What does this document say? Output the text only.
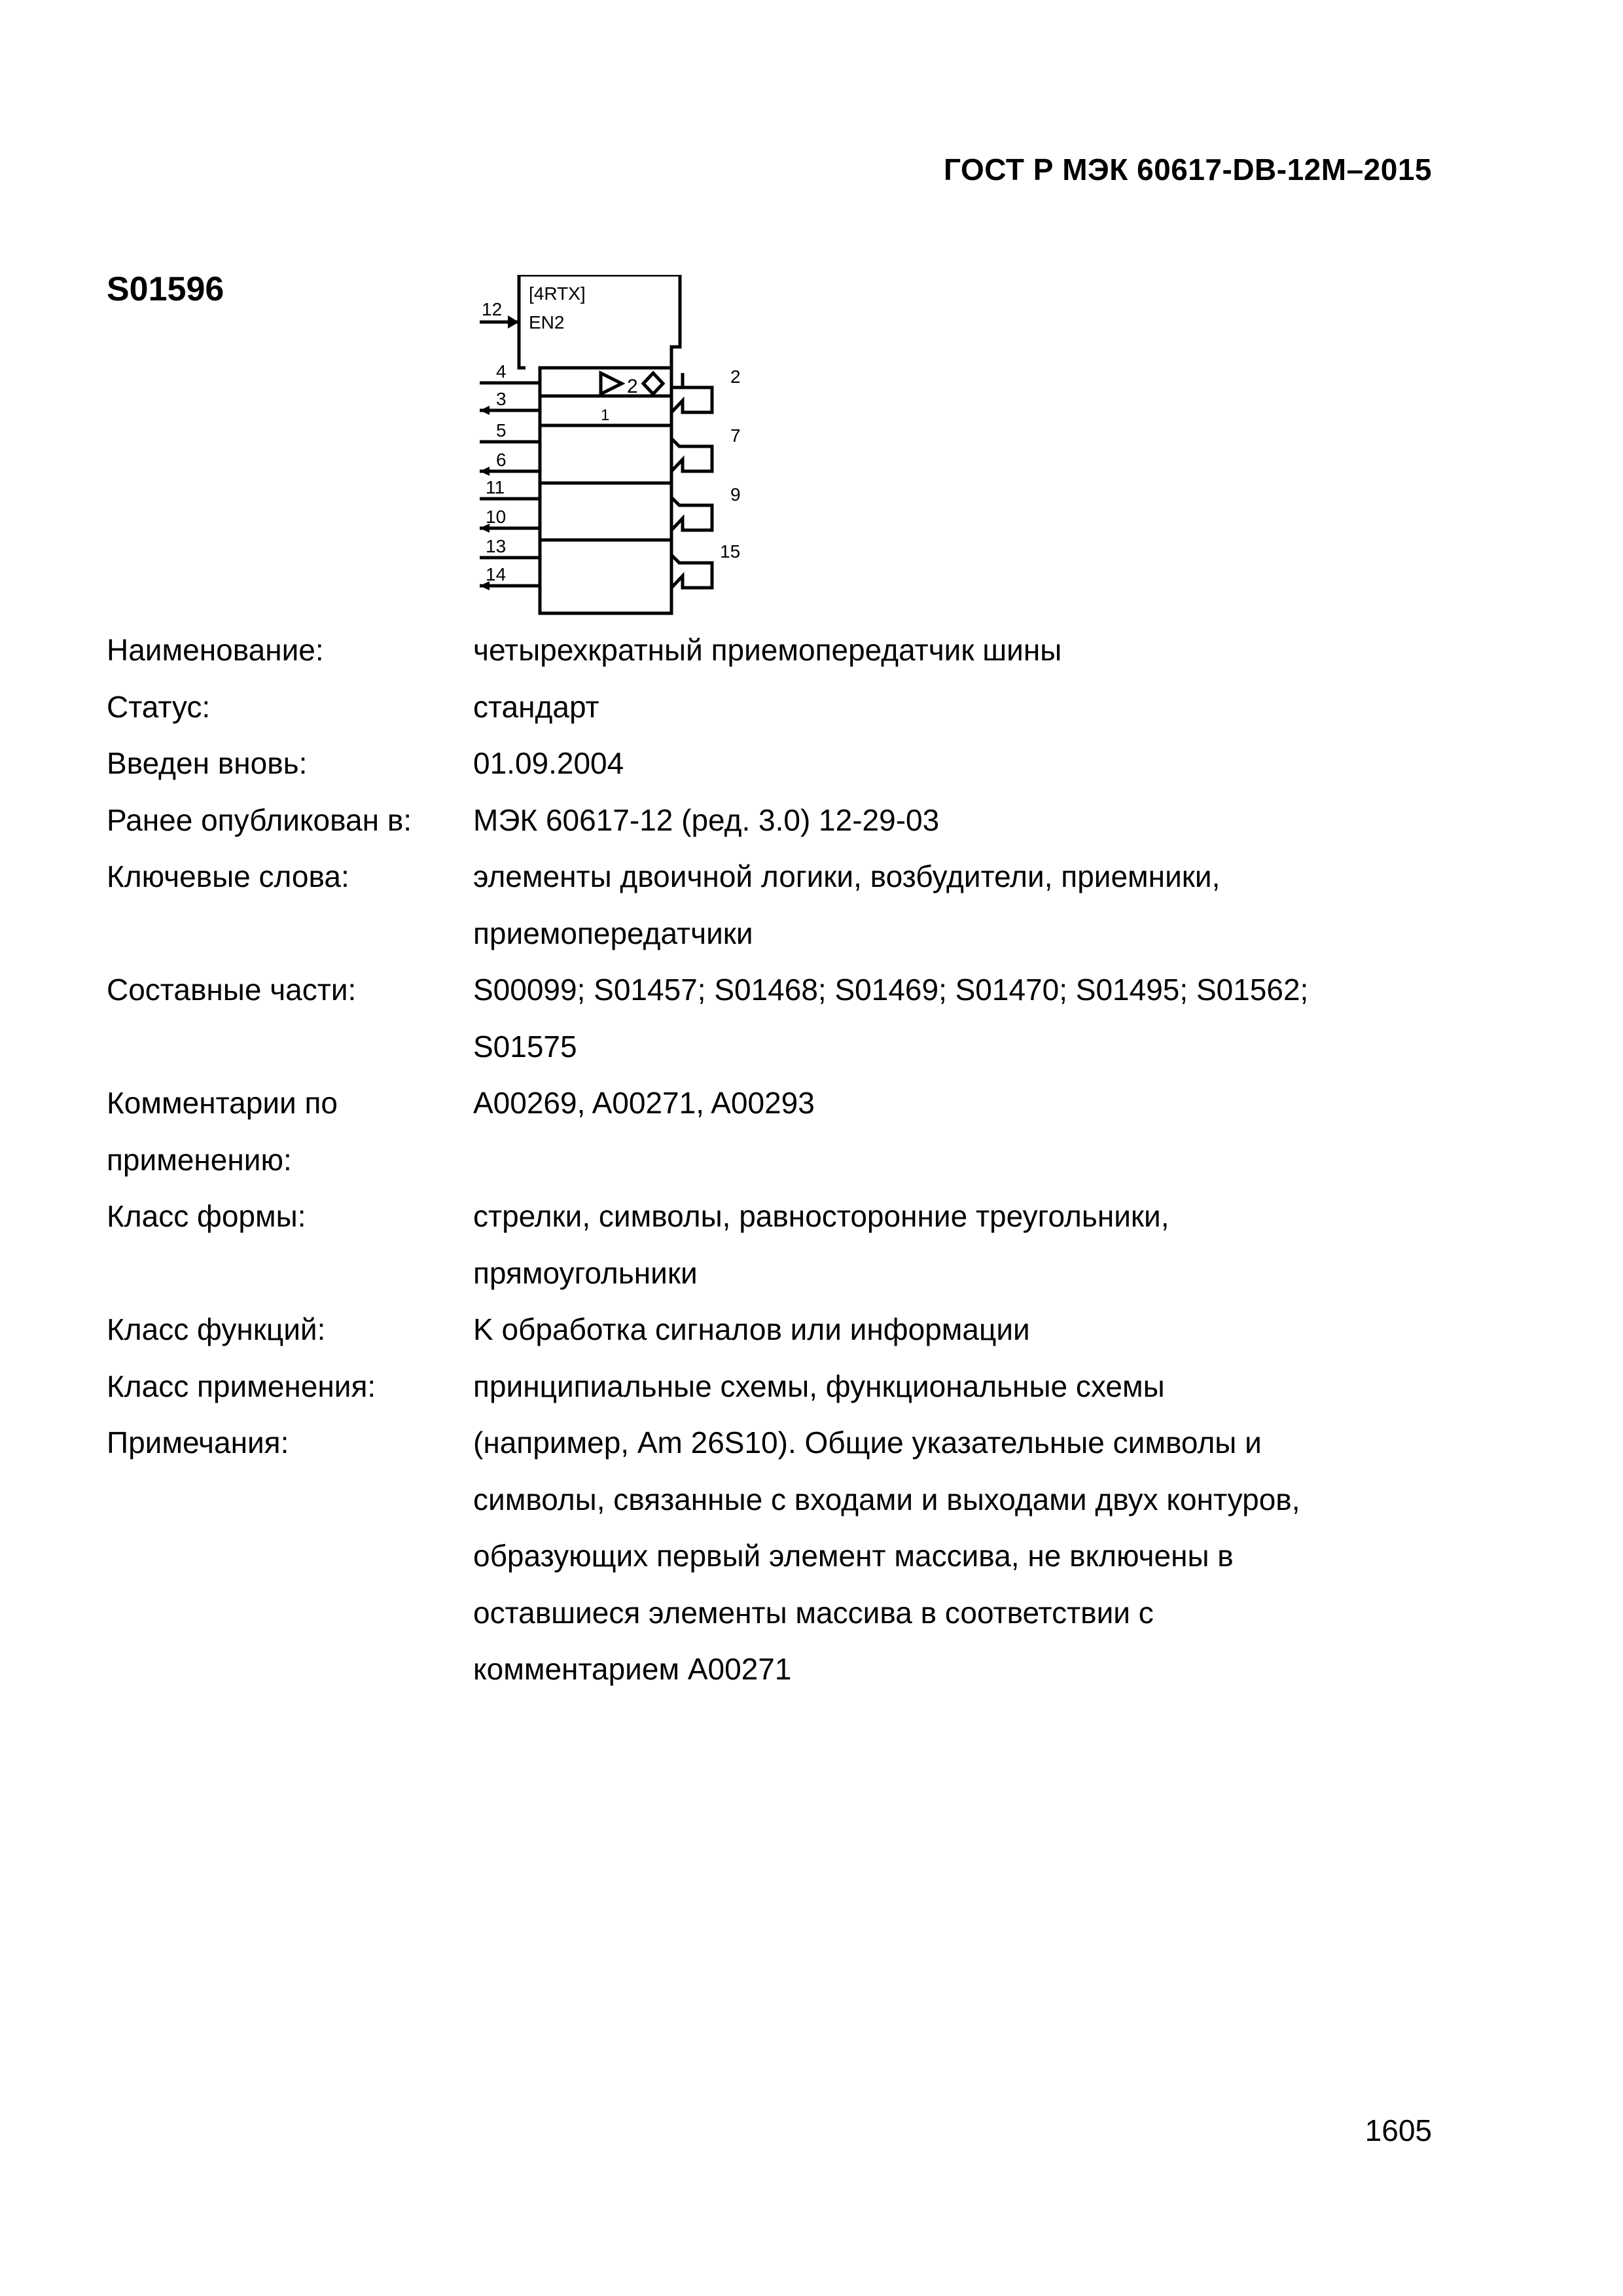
ГОСТ Р МЭК 60617-DB-12M–2015
S01596	[4RTX]
EN2
2
1
12
4
3
5
6
11
10
13
14
2
7
9
15
Наименование:	четырехкратный приемопередатчик шины
Статус:	стандарт
Введен вновь:	01.09.2004
Ранее опубликован в:	МЭК 60617-12 (ред. 3.0) 12-29-03
Ключевые слова:	элементы двоичной логики, возбудители, приемники, приемопередатчики
Составные части:	S00099; S01457; S01468; S01469; S01470; S01495; S01562; S01575
Комментарии по применению:
A00269, A00271, A00293
Класс формы:	стрелки, символы, равносторонние треугольники, прямоугольники
Класс функций:	K обработка сигналов или информации
Класс применения:	принципиальные схемы, функциональные схемы
Примечания:	(например, Am 26S10). Общие указательные символы и символы, связанные с входами и выходами двух контуров, образующих первый элемент массива, не включены в оставшиеся элементы массива в соответствии с комментарием A00271
1605
